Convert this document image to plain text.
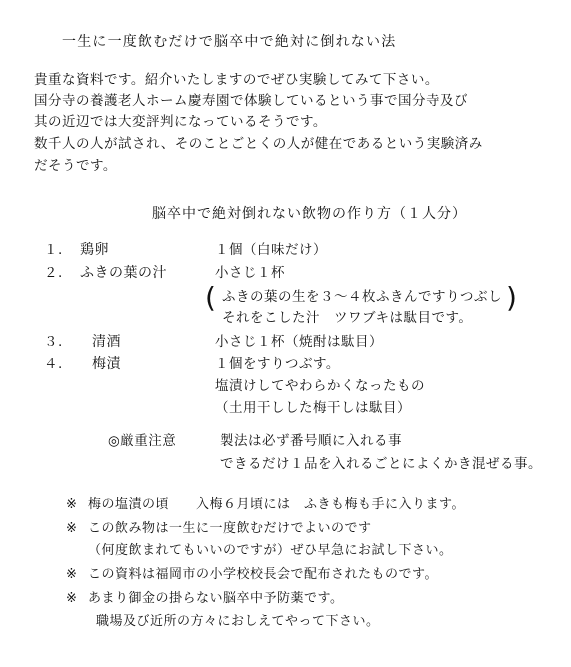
一生に一度飲むだけで脳卒中で絶対に倒れない法
貴重な資料です。紹介いたしますのでぜひ実験してみて下さい。
国分寺の養護老人ホーム慶寿園で体験しているという事で国分寺及び
其の近辺では大変評判になっているそうです。
数千人の人が試され、そのことごとくの人が健在であるという実験済み
だそうです。
脳卒中で絶対倒れない飲物の作り方（１人分）
１. 鶏卵	１個（白味だけ）
２. ふきの葉の汁	小さじ１杯
( ふきの葉の生を３～４枚ふきんですりつぶし
それをこした汁　ツワブキは駄目です。
)
３. 清酒	小さじ１杯（焼酎は駄目）
４. 梅漬	１個をすりつぶす。
塩漬けしてやわらかくなったもの
（土用干しした梅干しは駄目）
◎厳重注意	製法は必ず番号順に入れる事
できるだけ１品を入れるごとによくかき混ぜる事。
※ 梅の塩漬の頃　　入梅６月頃には　ふきも梅も手に入ります。
※ この飲み物は一生に一度飲むだけでよいのです
（何度飲まれてもいいのですが）ぜひ早急にお試し下さい。
※ この資料は福岡市の小学校校長会で配布されたものです。
※ あまり御金の掛らない脳卒中予防薬です。
職場及び近所の方々におしえてやって下さい。
